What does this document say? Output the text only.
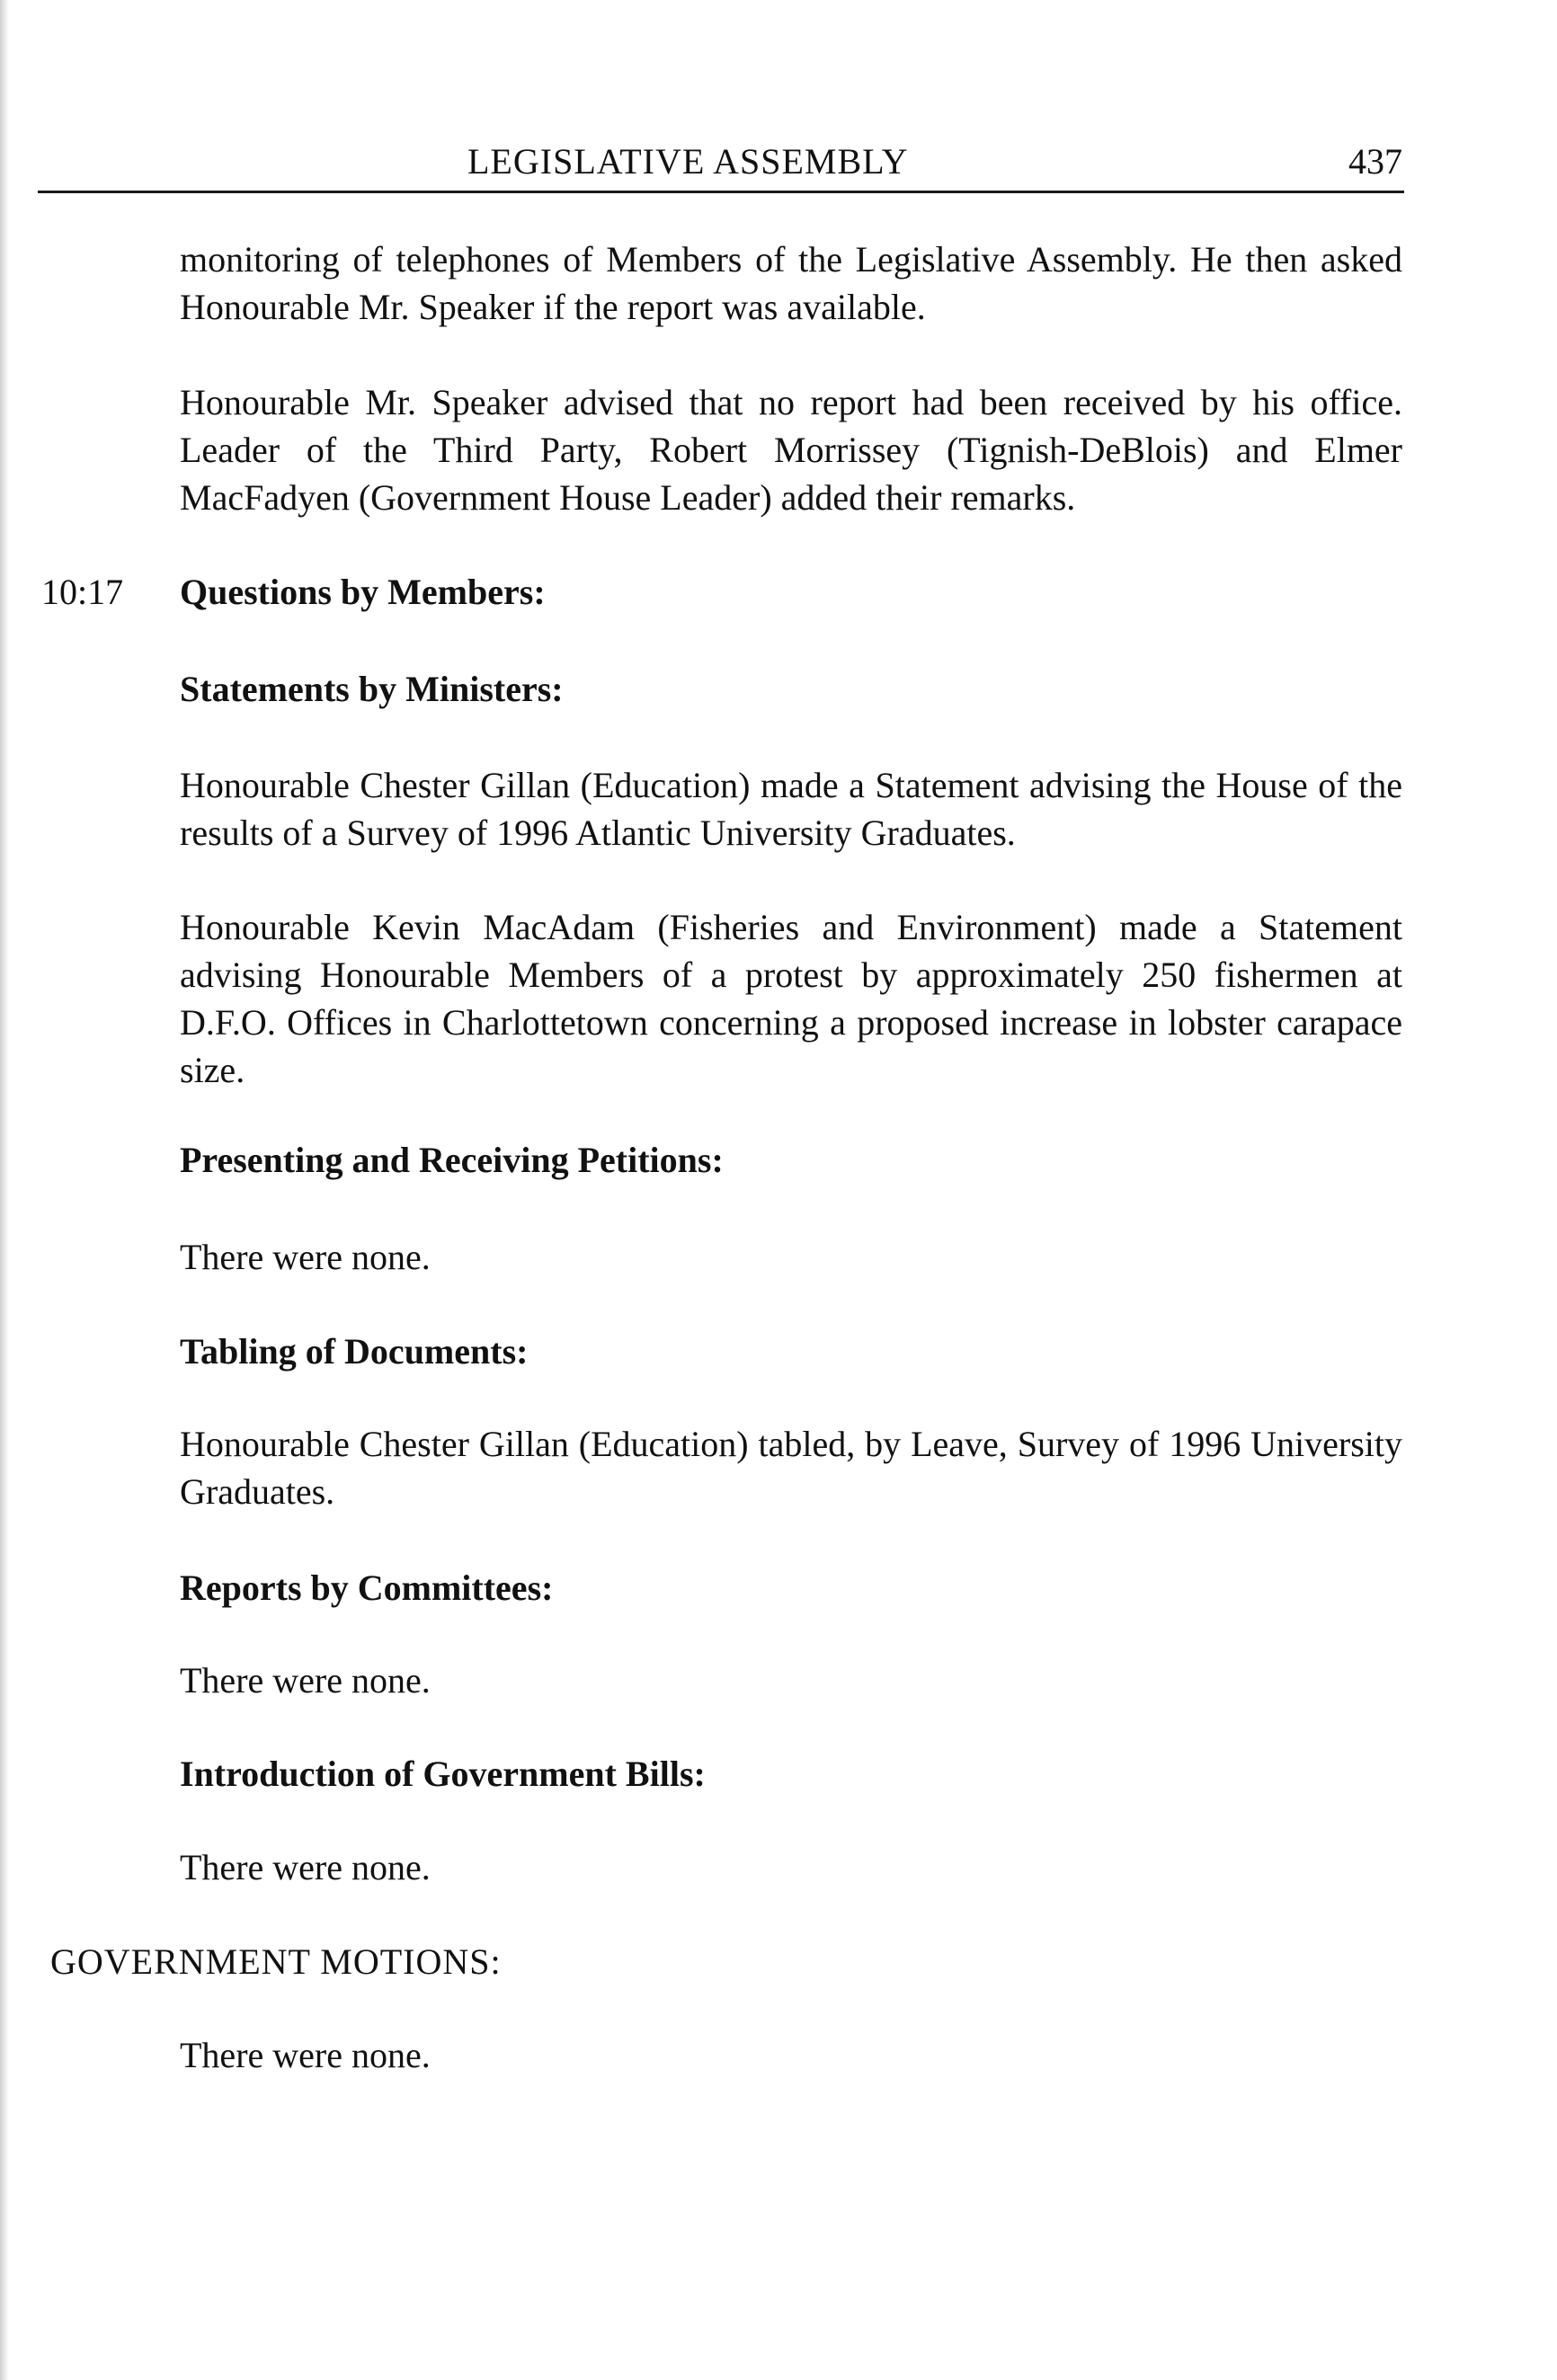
LEGISLATIVE ASSEMBLY	437

monitoring of telephones of Members of the Legislative Assembly. He then asked Honourable Mr. Speaker if the report was available.

Honourable Mr. Speaker advised that no report had been received by his office. Leader of the Third Party, Robert Morrissey (Tignish-DeBlois) and Elmer MacFadyen (Government House Leader) added their remarks.

10:17 Questions by Members:

Statements by Ministers:

Honourable Chester Gillan (Education) made a Statement advising the House of the results of a Survey of 1996 Atlantic University Graduates.

Honourable Kevin MacAdam (Fisheries and Environment) made a Statement advising Honourable Members of a protest by approximately 250 fishermen at D.F.O. Offices in Charlottetown concerning a proposed increase in lobster carapace size.

Presenting and Receiving Petitions:

There were none.

Tabling of Documents:

Honourable Chester Gillan (Education) tabled, by Leave, Survey of 1996 University Graduates.

Reports by Committees:

There were none.

Introduction of Government Bills:

There were none.

GOVERNMENT MOTIONS:

There were none.
